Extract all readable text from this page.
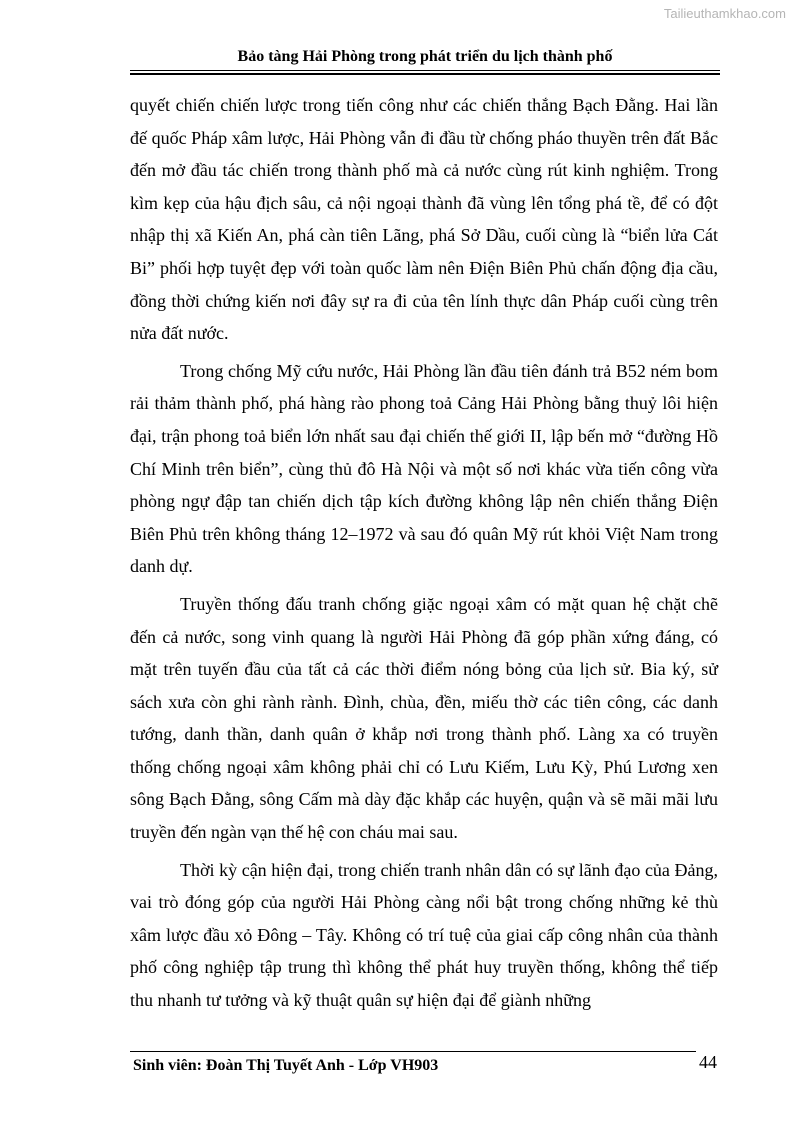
Tailieuthamkhao.com
Bảo tàng Hải Phòng trong phát triển du lịch thành phố

quyết chiến chiến lược trong tiến công như các chiến thắng Bạch Đằng. Hai lần đế quốc Pháp xâm lược, Hải Phòng vẫn đi đầu từ chống pháo thuyền trên đất Bắc đến mở đầu tác chiến trong thành phố mà cả nước cùng rút kinh nghiệm. Trong kìm kẹp của hậu địch sâu, cả nội ngoại thành đã vùng lên tổng phá tề, để có đột nhập thị xã Kiến An, phá càn tiên Lãng, phá Sở Dầu, cuối cùng là “biển lửa Cát Bi” phối hợp tuyệt đẹp với toàn quốc làm nên Điện Biên Phủ chấn động địa cầu, đồng thời chứng kiến nơi đây sự ra đi của tên lính thực dân Pháp cuối cùng trên nửa đất nước.

Trong chống Mỹ cứu nước, Hải Phòng lần đầu tiên đánh trả B52 ném bom rải thảm thành phố, phá hàng rào phong toả Cảng Hải Phòng bằng thuỷ lôi hiện đại, trận phong toả biển lớn nhất sau đại chiến thế giới II, lập bến mở “đường Hồ Chí Minh trên biển”, cùng thủ đô Hà Nội và một số nơi khác vừa tiến công vừa phòng ngự đập tan chiến dịch tập kích đường không lập nên chiến thắng Điện Biên Phủ trên không tháng 12–1972 và sau đó quân Mỹ rút khỏi Việt Nam trong danh dự.

Truyền thống đấu tranh chống giặc ngoại xâm có mặt quan hệ chặt chẽ đến cả nước, song vinh quang là người Hải Phòng đã góp phần xứng đáng, có mặt trên tuyến đầu của tất cả các thời điểm nóng bỏng của lịch sử. Bia ký, sử sách xưa còn ghi rành rành. Đình, chùa, đền, miếu thờ các tiên công, các danh tướng, danh thần, danh quân ở khắp nơi trong thành phố. Làng xa có truyền thống chống ngoại xâm không phải chỉ có Lưu Kiếm, Lưu Kỳ, Phú Lương xen sông Bạch Đằng, sông Cấm mà dày đặc khắp các huyện, quận và sẽ mãi mãi lưu truyền đến ngàn vạn thế hệ con cháu mai sau.

Thời kỳ cận hiện đại, trong chiến tranh nhân dân có sự lãnh đạo của Đảng, vai trò đóng góp của người Hải Phòng càng nổi bật trong chống những kẻ thù xâm lược đầu xỏ Đông – Tây. Không có trí tuệ của giai cấp công nhân của thành phố công nghiệp tập trung thì không thể phát huy truyền thống, không thể tiếp thu nhanh tư tưởng và kỹ thuật quân sự hiện đại để giành những

Sinh viên: Đoàn Thị Tuyết Anh - Lớp VH903	44
